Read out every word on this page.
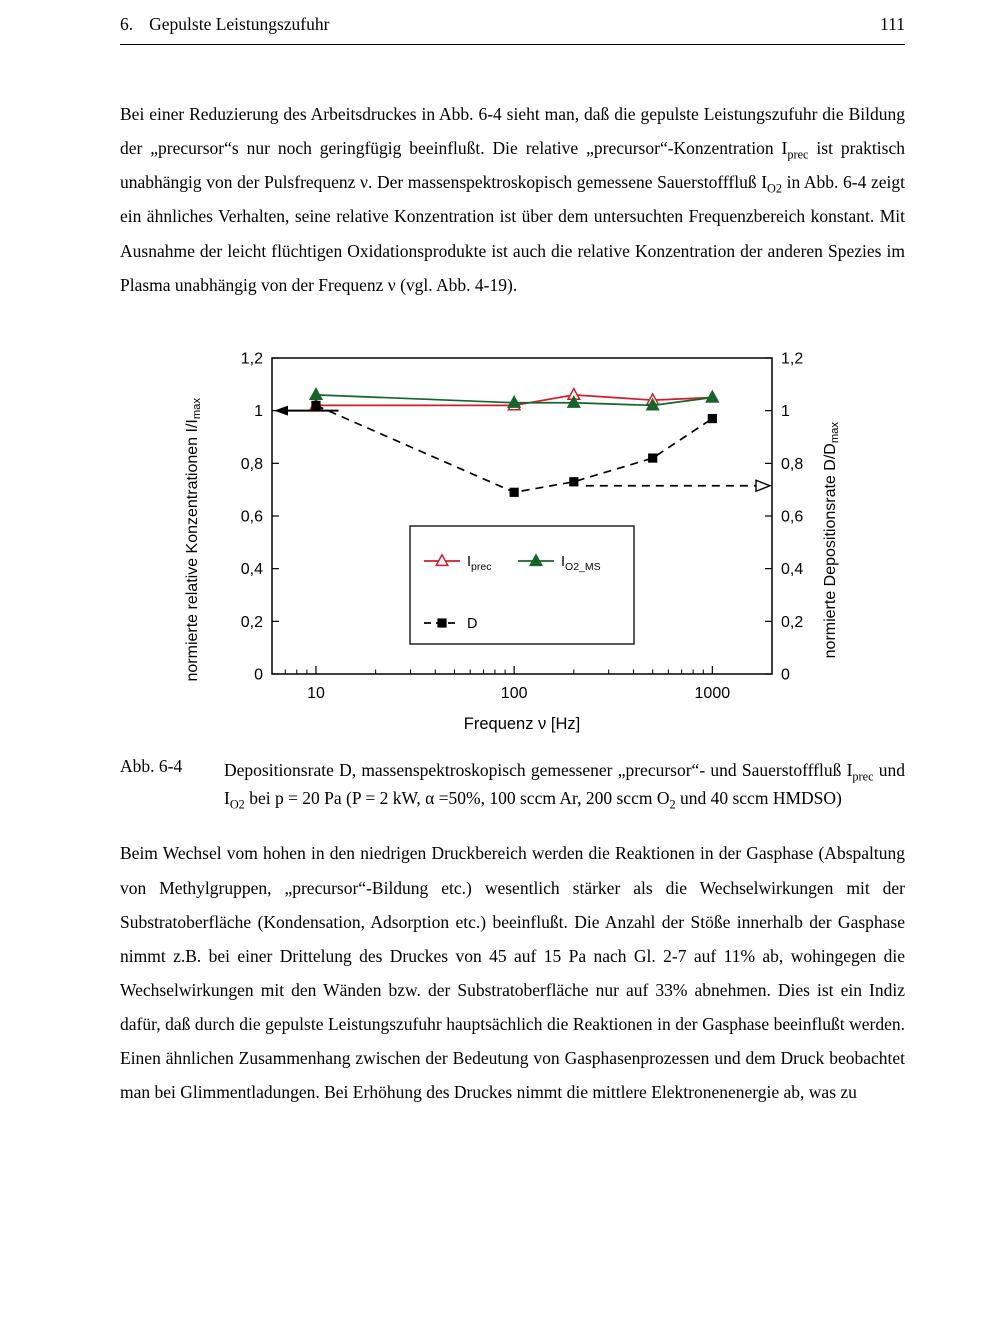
6. Gepulste Leistungszufuhr	111

Bei einer Reduzierung des Arbeitsdruckes in Abb. 6-4 sieht man, daß die gepulste Leistungszufuhr die Bildung der „precursor“s nur noch geringfügig beeinflußt. Die relative „precursor“-Konzentration $I_{prec}$ ist praktisch unabhängig von der Pulsfrequenz ν. Der massenspektroskopisch gemessene Sauerstofffluß $I_{O2}$ in Abb. 6-4 zeigt ein ähnliches Verhalten, seine relative Konzentration ist über dem untersuchten Frequenzbereich konstant. Mit Ausnahme der leicht flüchtigen Oxidationsprodukte ist auch die relative Konzentration der anderen Spezies im Plasma unabhängig von der Frequenz ν (vgl. Abb. 4-19).

normierte relative Konzentrationen $I/I_{max}$
0	0
0,2	0,2
0,4	0,4
0,6	0,6
0,8	0,8
1	1
1,2	1,2
10	100	1000
Frequenz ν [Hz]
$I_{prec}$	$I_{O2\_MS}$
D	normierte Depositionsrate $D/D_{max}$
Abb. 6-4	Depositionsrate D, massenspektroskopisch gemessener „precursor“- und Sauerstofffluß $I_{prec}$ und $I_{O2}$ bei p = 20 Pa (P = 2 kW, α =50%, 100 sccm Ar, 200 sccm $O_2$ und 40 sccm HMDSO)

Beim Wechsel vom hohen in den niedrigen Druckbereich werden die Reaktionen in der Gasphase (Abspaltung von Methylgruppen, „precursor“-Bildung etc.) wesentlich stärker als die Wechselwirkungen mit der Substratoberfläche (Kondensation, Adsorption etc.) beeinflußt. Die Anzahl der Stöße innerhalb der Gasphase nimmt z.B. bei einer Drittelung des Druckes von 45 auf 15 Pa nach Gl. 2-7 auf 11% ab, wohingegen die Wechselwirkungen mit den Wänden bzw. der Substratoberfläche nur auf 33% abnehmen. Dies ist ein Indiz dafür, daß durch die gepulste Leistungszufuhr hauptsächlich die Reaktionen in der Gasphase beeinflußt werden. Einen ähnlichen Zusammenhang zwischen der Bedeutung von Gasphasenprozessen und dem Druck beobachtet man bei Glimmentladungen. Bei Erhöhung des Druckes nimmt die mittlere Elektronenenergie ab, was zu
